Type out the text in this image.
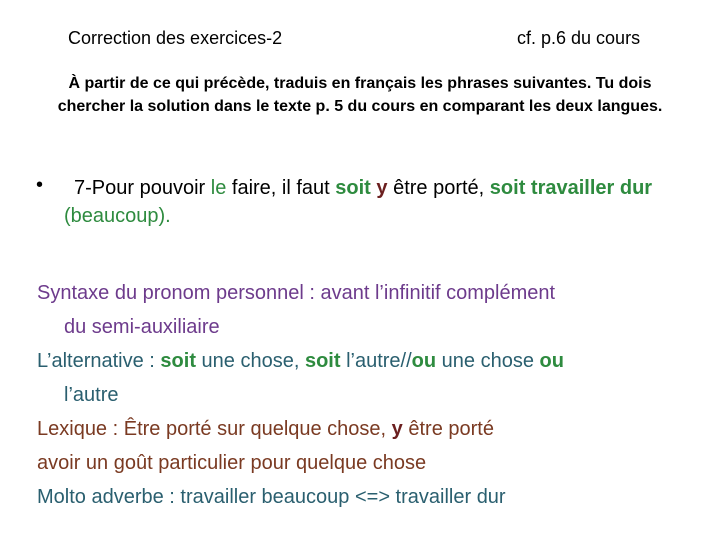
Correction des exercices-2	cf. p.6 du cours
À partir de ce qui précède, traduis en français les phrases suivantes. Tu dois chercher la solution dans le texte p. 5 du cours en comparant les deux langues.
•	7-Pour pouvoir le faire, il faut soit y être porté, soit travailler dur (beaucoup).

Syntaxe du pronom personnel : avant l’infinitif complément

du semi-auxiliaire

L’alternative : soit une chose, soit l’autre//ou une chose ou

l’autre

Lexique : Être porté sur quelque chose, y être porté

avoir un goût particulier pour quelque chose

Molto adverbe : travailler beaucoup <=> travailler dur
